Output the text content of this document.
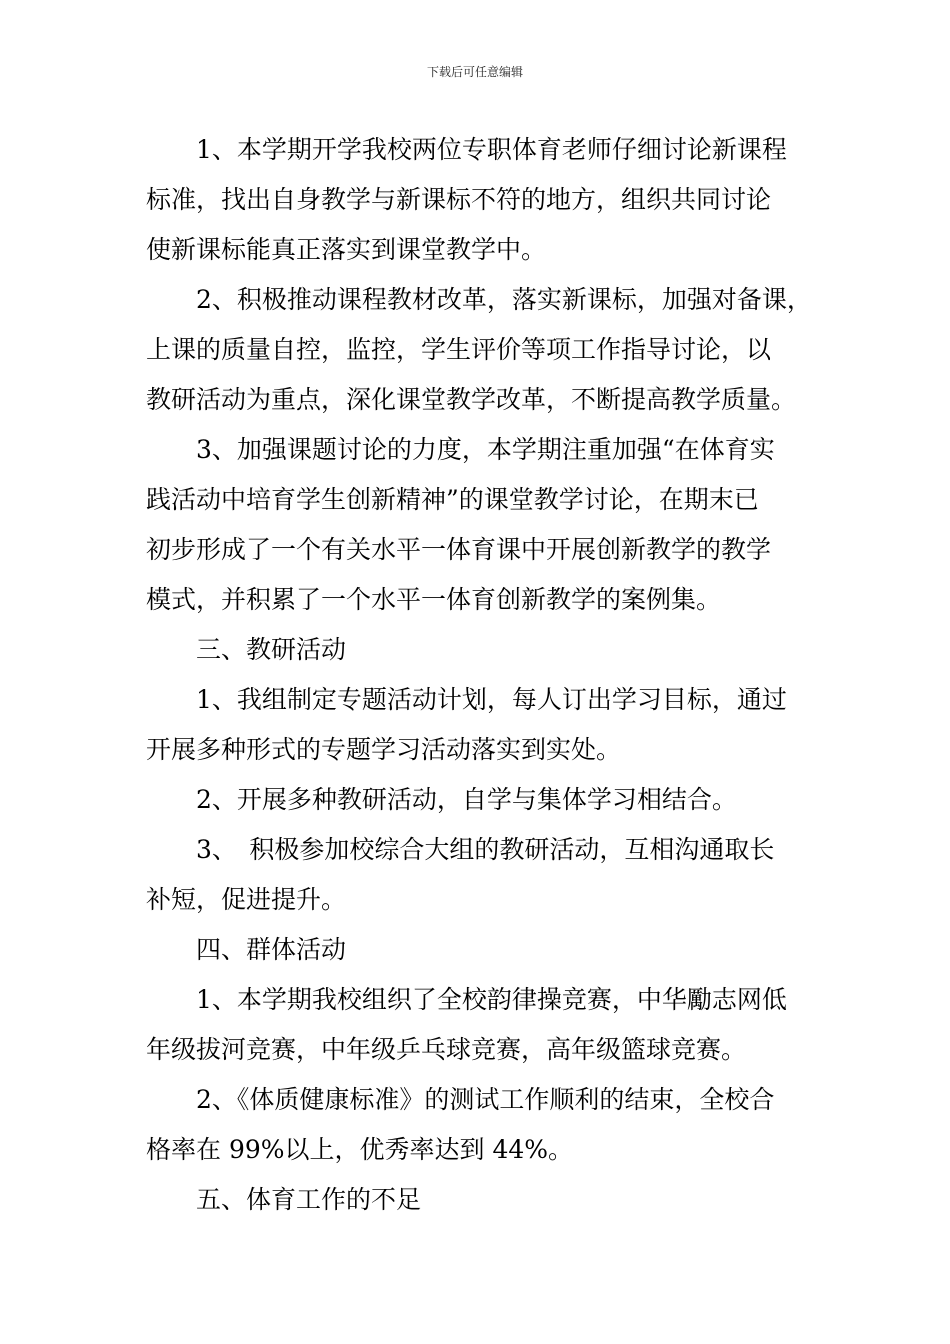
下载后可任意编辑
1、本学期开学我校两位专职体育老师仔细讨论新课程
标准，找出自身教学与新课标不符的地方，组织共同讨论
使新课标能真正落实到课堂教学中。
2、积极推动课程教材改革，落实新课标，加强对备课，
上课的质量自控，监控，学生评价等项工作指导讨论，以
教研活动为重点，深化课堂教学改革，不断提高教学质量。
3、加强课题讨论的力度，本学期注重加强“在体育实
践活动中培育学生创新精神”的课堂教学讨论，在期末已
初步形成了一个有关水平一体育课中开展创新教学的教学
模式，并积累了一个水平一体育创新教学的案例集。
三、教研活动
1、我组制定专题活动计划，每人订出学习目标，通过
开展多种形式的专题学习活动落实到实处。
2、开展多种教研活动，自学与集体学习相结合。
3、　积极参加校综合大组的教研活动，互相沟通取长
补短，促进提升。
四、群体活动
1、本学期我校组织了全校韵律操竞赛，中华勵志网低
年级拔河竞赛，中年级乒乓球竞赛，高年级篮球竞赛。
2、《体质健康标准》的测试工作顺利的结束，全校合
格率在 99%以上，优秀率达到 44%。
五、体育工作的不足
